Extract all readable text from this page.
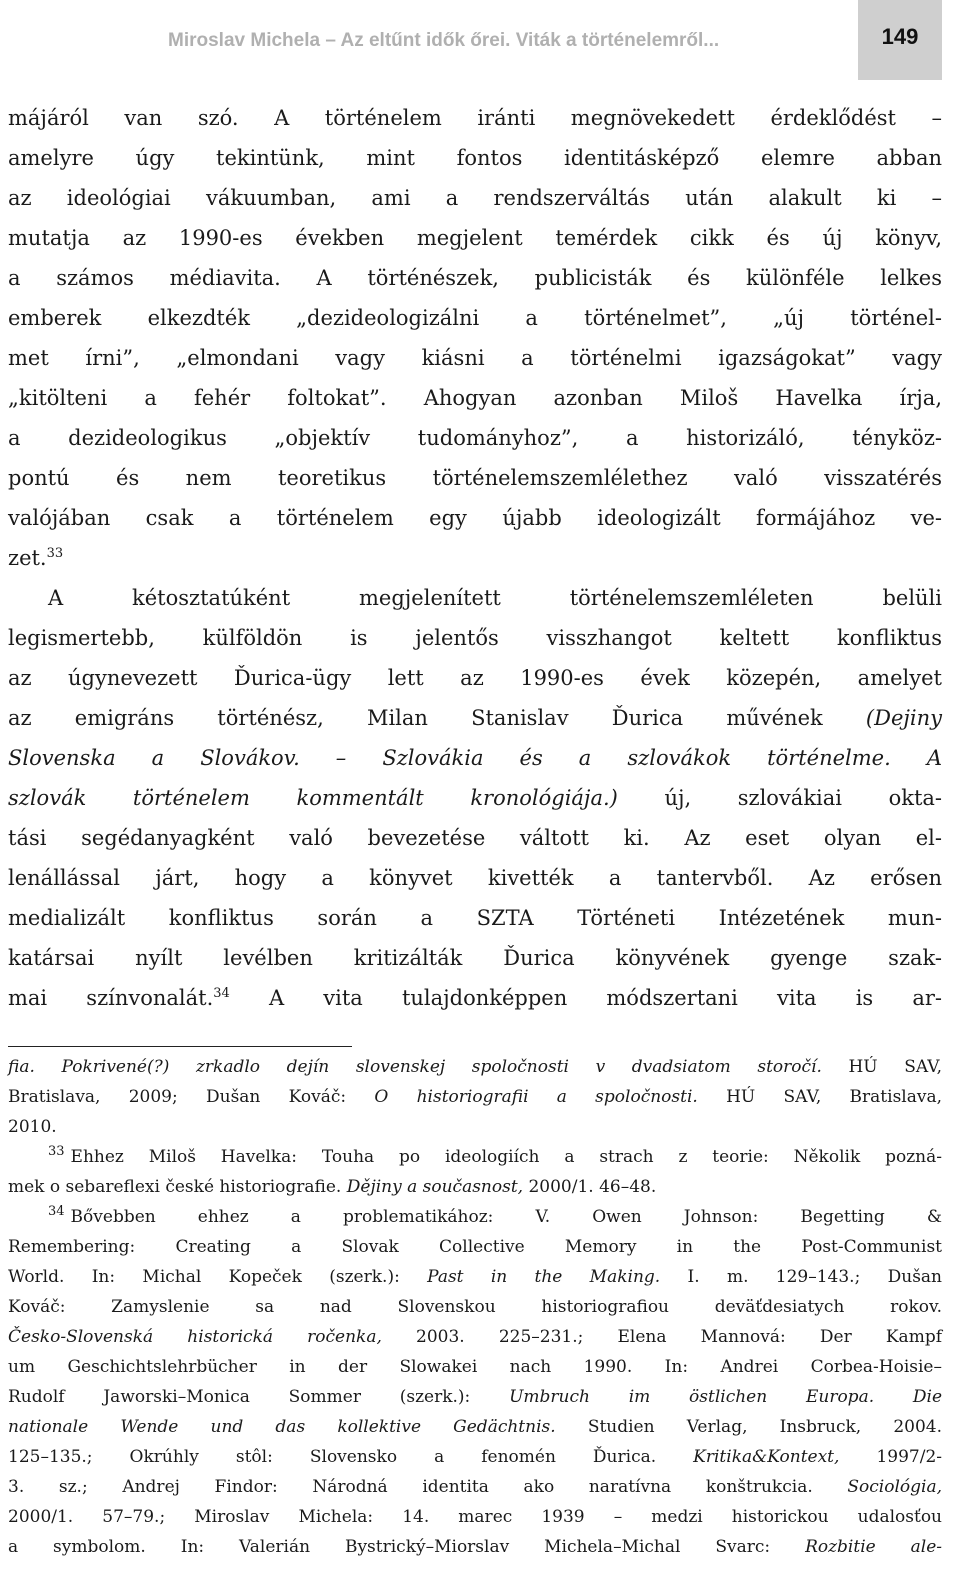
Miroslav Michela – Az eltűnt idők őrei. Viták a történelemről...	149
májáról van szó. A történelem iránti megnövekedett érdeklődést –
amelyre úgy tekintünk, mint fontos identitásképző elemre abban
az ideológiai vákuumban, ami a rendszerváltás után alakult ki –
mutatja az 1990-es években megjelent temérdek cikk és új könyv,
a számos médiavita. A történészek, publicisták és különféle lelkes
emberek elkezdték „dezideologizálni a történelmet”, „új történel-
met írni”, „elmondani vagy kiásni a történelmi igazságokat” vagy
„kitölteni a fehér foltokat”. Ahogyan azonban Miloš Havelka írja,
a dezideologikus „objektív tudományhoz”, a historizáló, tényköz-
pontú és nem teoretikus történelemszemlélethez való visszatérés
valójában csak a történelem egy újabb ideologizált formájához ve-
zet.$^{33}$
A kétosztatúként megjelenített történelemszemléleten belüli
legismertebb, külföldön is jelentős visszhangot keltett konfliktus
az úgynevezett Ďurica-ügy lett az 1990-es évek közepén, amelyet
az emigráns történész, Milan Stanislav Ďurica művének (Dejiny
Slovenska a Slovákov. – Szlovákia és a szlovákok történelme. A
szlovák történelem kommentált kronológiája.) új, szlovákiai okta-
tási segédanyagként való bevezetése váltott ki. Az eset olyan el-
lenállással járt, hogy a könyvet kivették a tantervből. Az erősen
medializált konfliktus során a SZTA Történeti Intézetének mun-
katársai nyílt levélben kritizálták Ďurica könyvének gyenge szak-
mai színvonalát.$^{34}$ A vita tulajdonképpen módszertani vita is ar-
fia. Pokrivené(?) zrkadlo dejín slovenskej spoločnosti v dvadsiatom storočí. HÚ SAV,
Bratislava, 2009; Dušan Kováč: O historiografii a spoločnosti. HÚ SAV, Bratislava,
2010.
$^{33}$ Ehhez Miloš Havelka: Touha po ideologiích a strach z teorie: Několik pozná-
mek o sebareflexi české historiografie. Dějiny a současnost, 2000/1. 46–48.
$^{34}$ Bővebben ehhez a problematikához: V. Owen Johnson: Begetting &
Remembering: Creating a Slovak Collective Memory in the Post-Communist
World. In: Michal Kopeček (szerk.): Past in the Making. I. m. 129–143.; Dušan
Kováč: Zamyslenie sa nad Slovenskou historiografiou deväťdesiatych rokov.
Česko-Slovenská historická ročenka, 2003. 225–231.; Elena Mannová: Der Kampf
um Geschichtslehrbücher in der Slowakei nach 1990. In: Andrei Corbea-Hoisie–
Rudolf Jaworski–Monica Sommer (szerk.): Umbruch im östlichen Europa. Die
nationale Wende und das kollektive Gedächtnis. Studien Verlag, Insbruck, 2004.
125–135.; Okrúhly stôl: Slovensko a fenomén Ďurica. Kritika&Kontext, 1997/2-
3. sz.; Andrej Findor: Národná identita ako naratívna konštrukcia. Sociológia,
2000/1. 57–79.; Miroslav Michela: 14. marec 1939 – medzi historickou udalosťou
a symbolom. In: Valerián Bystrický–Miorslav Michela–Michal Svarc: Rozbitie ale-
